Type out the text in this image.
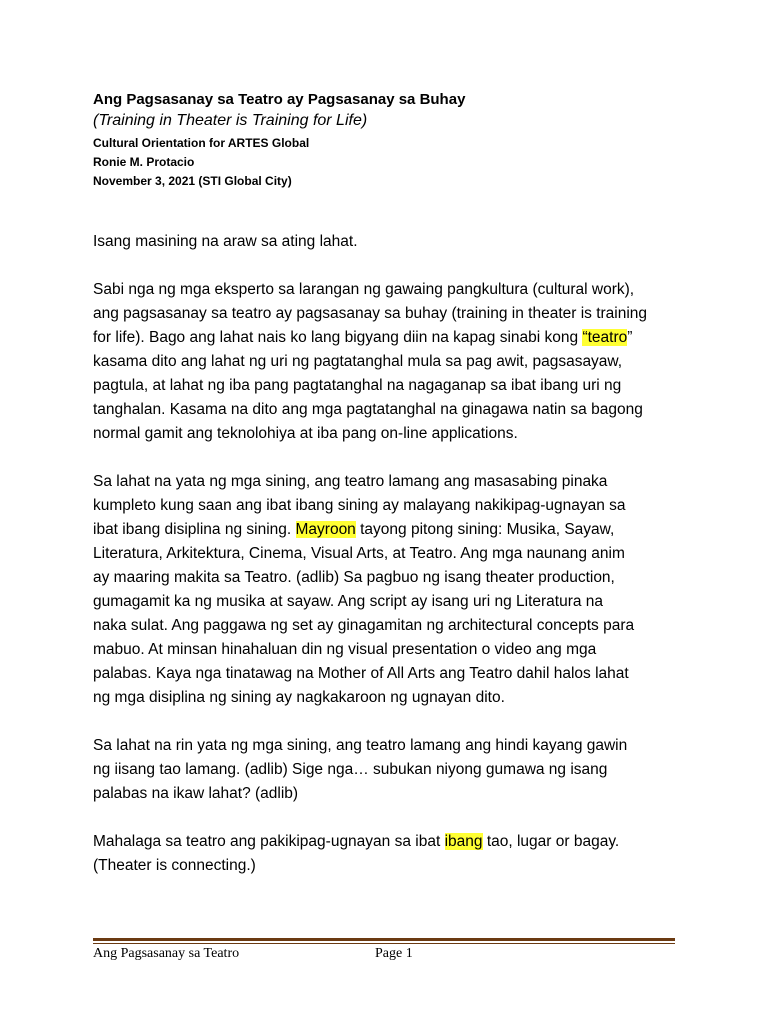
Ang Pagsasanay sa Teatro ay Pagsasanay sa Buhay

(Training in Theater is Training for Life)

Cultural Orientation for ARTES Global

Ronie M. Protacio

November 3, 2021 (STI Global City)

Isang masining na araw sa ating lahat.

Sabi nga ng mga eksperto sa larangan ng gawaing pangkultura (cultural work),
ang pagsasanay sa teatro ay pagsasanay sa buhay (training in theater is training
for life). Bago ang lahat nais ko lang bigyang diin na kapag sinabi kong “teatro”
kasama dito ang lahat ng uri ng pagtatanghal mula sa pag awit, pagsasayaw,
pagtula, at lahat ng iba pang pagtatanghal na nagaganap sa ibat ibang uri ng
tanghalan. Kasama na dito ang mga pagtatanghal na ginagawa natin sa bagong
normal gamit ang teknolohiya at iba pang on-line applications.

Sa lahat na yata ng mga sining, ang teatro lamang ang masasabing pinaka
kumpleto kung saan ang ibat ibang sining ay malayang nakikipag-ugnayan sa
ibat ibang disiplina ng sining. Mayroon tayong pitong sining: Musika, Sayaw,
Literatura, Arkitektura, Cinema, Visual Arts, at Teatro. Ang mga naunang anim
ay maaring makita sa Teatro. (adlib) Sa pagbuo ng isang theater production,
gumagamit ka ng musika at sayaw. Ang script ay isang uri ng Literatura na
naka sulat. Ang paggawa ng set ay ginagamitan ng architectural concepts para
mabuo. At minsan hinahaluan din ng visual presentation o video ang mga
palabas. Kaya nga tinatawag na Mother of All Arts ang Teatro dahil halos lahat
ng mga disiplina ng sining ay nagkakaroon ng ugnayan dito.

Sa lahat na rin yata ng mga sining, ang teatro lamang ang hindi kayang gawin
ng iisang tao lamang. (adlib) Sige nga… subukan niyong gumawa ng isang
palabas na ikaw lahat? (adlib)

Mahalaga sa teatro ang pakikipag-ugnayan sa ibat ibang tao, lugar or bagay.
(Theater is connecting.)

Ang Pagsasanay sa Teatro	Page 1
